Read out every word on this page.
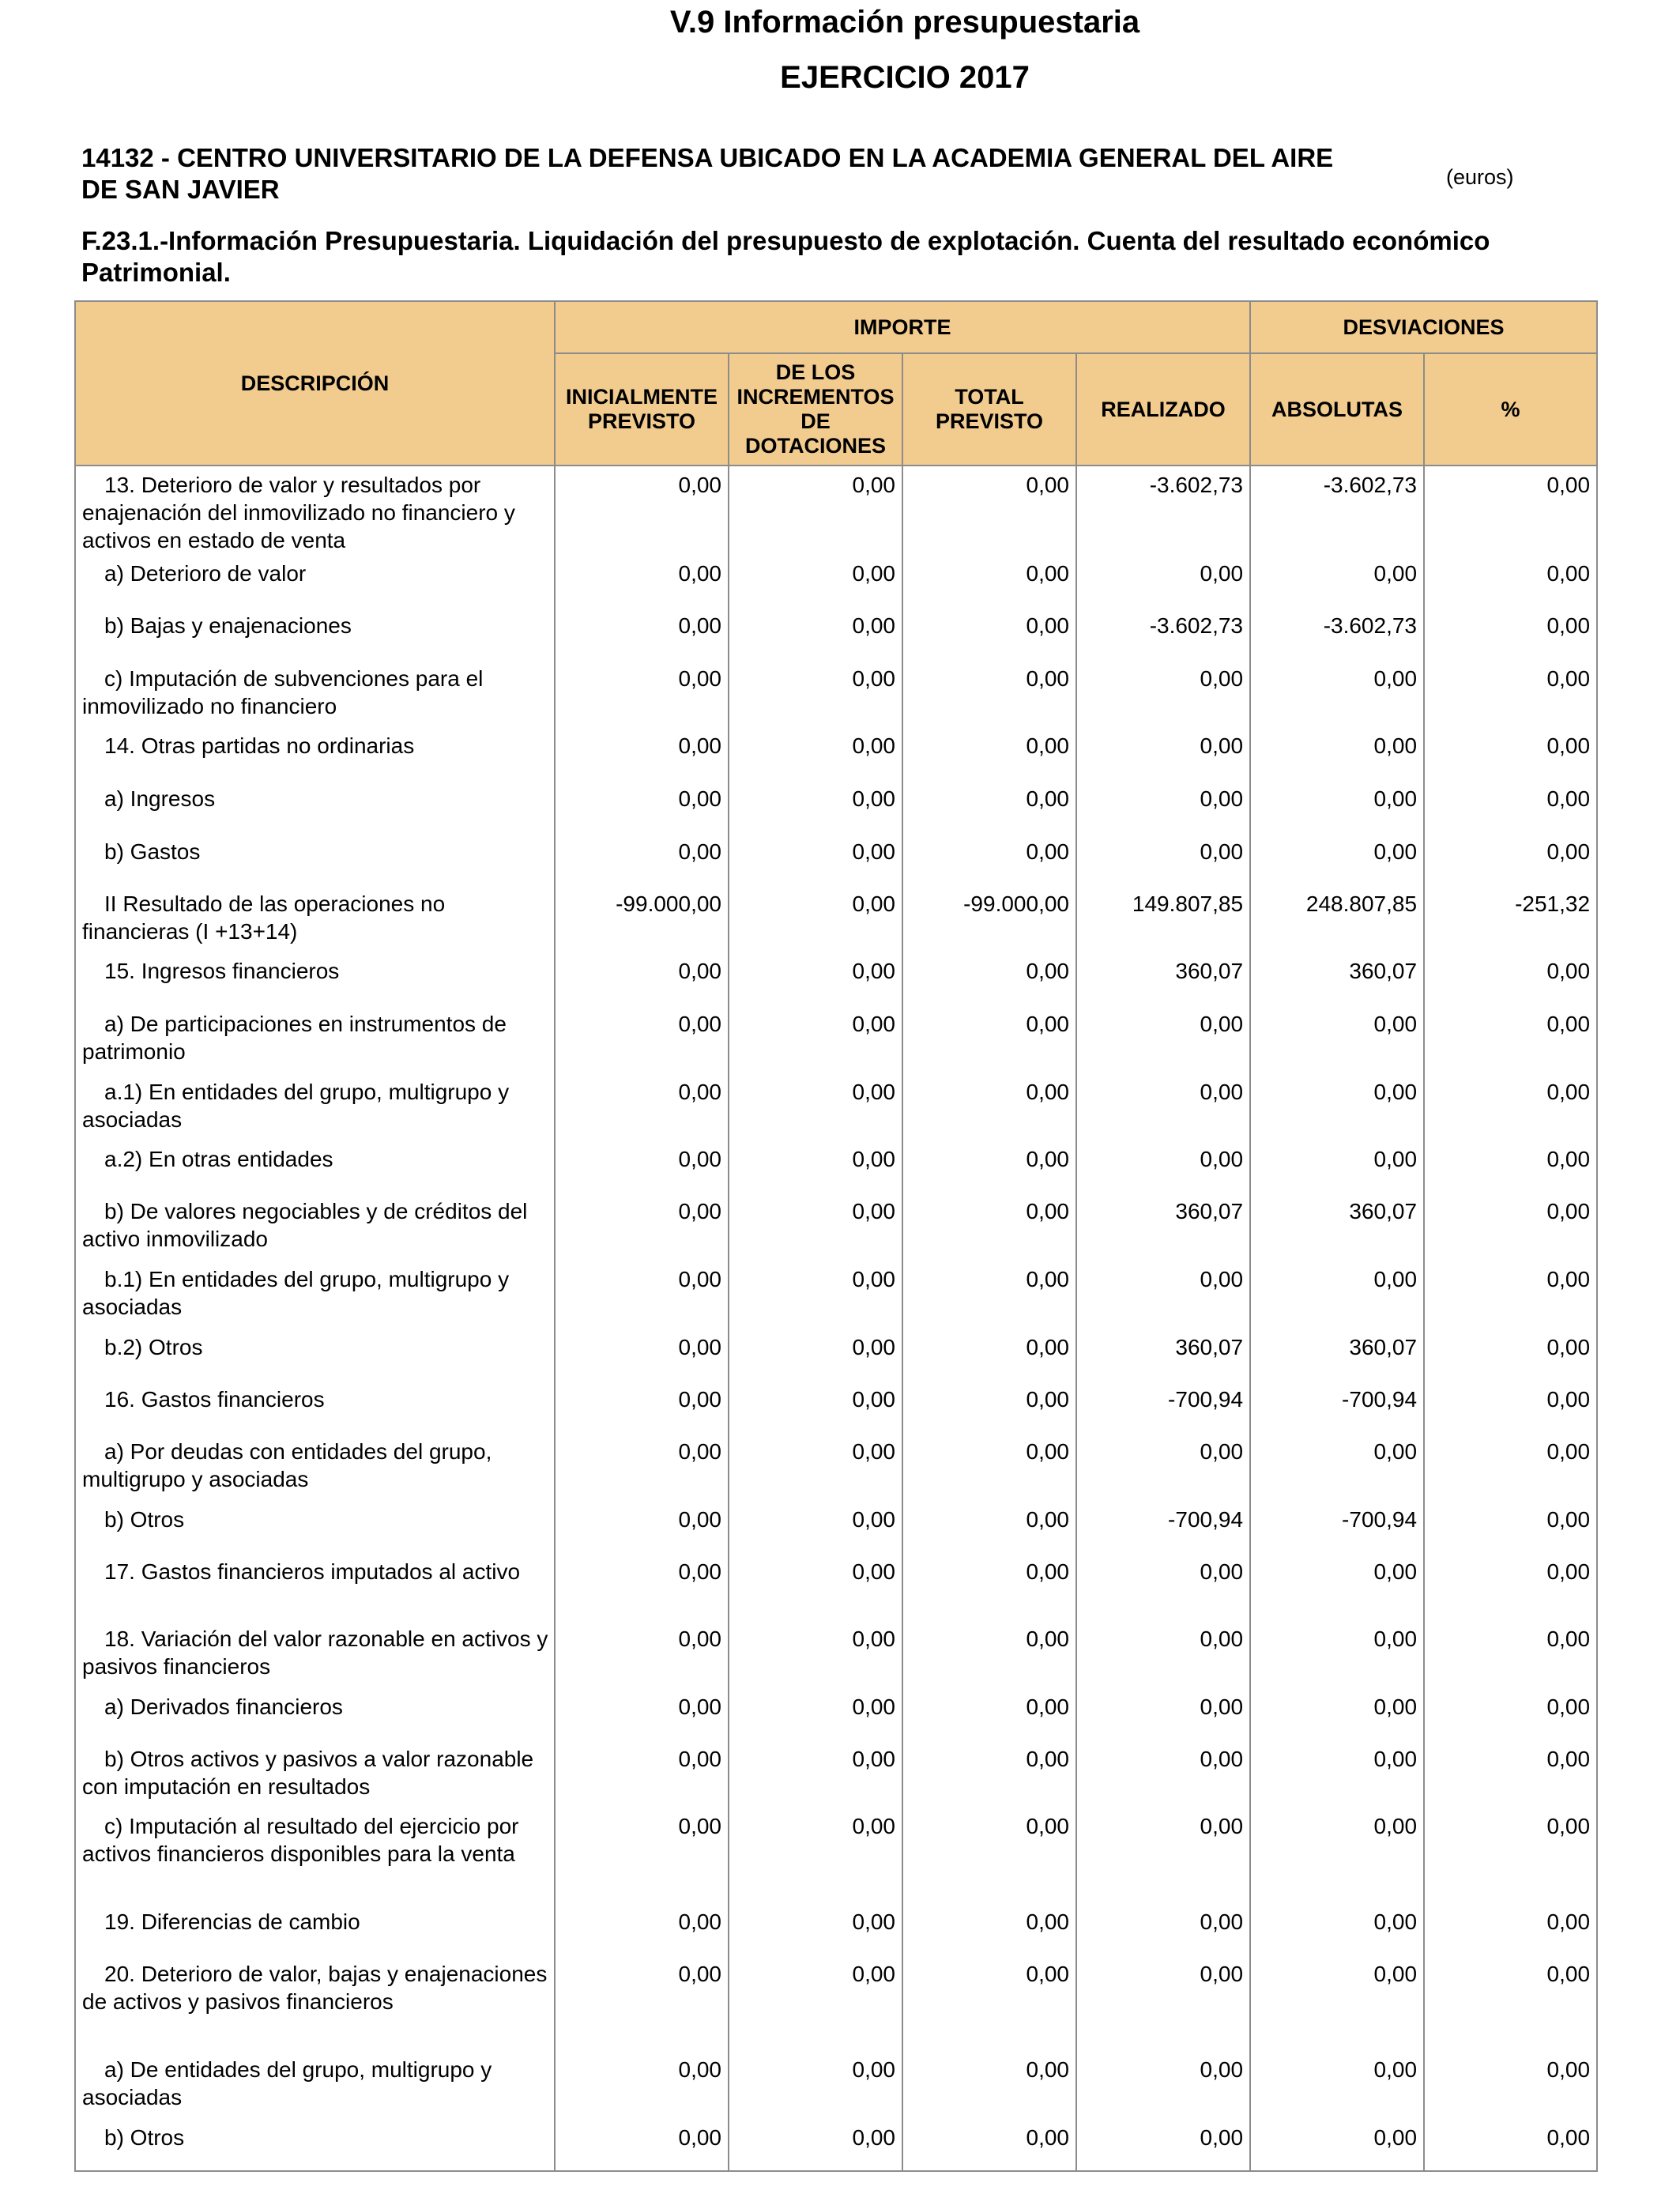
V.9 Información presupuestaria
EJERCICIO 2017
14132 - CENTRO UNIVERSITARIO DE LA DEFENSA UBICADO EN LA ACADEMIA GENERAL DEL AIRE DE SAN JAVIER	(euros)
F.23.1.-Información Presupuestaria. Liquidación del presupuesto de explotación. Cuenta del resultado económico Patrimonial.
DESCRIPCIÓN	IMPORTE				DESVIACIONES	
	INICIALMENTE PREVISTO	DE LOS INCREMENTOS DE DOTACIONES	TOTAL PREVISTO	REALIZADO	ABSOLUTAS	%
13. Deterioro de valor y resultados por enajenación del inmovilizado no financiero y activos en estado de venta	0,00	0,00	0,00	-3.602,73	-3.602,73	0,00
a) Deterioro de valor	0,00	0,00	0,00	0,00	0,00	0,00
b) Bajas y enajenaciones	0,00	0,00	0,00	-3.602,73	-3.602,73	0,00
c) Imputación de subvenciones para el inmovilizado no financiero	0,00	0,00	0,00	0,00	0,00	0,00
14. Otras partidas no ordinarias	0,00	0,00	0,00	0,00	0,00	0,00
a) Ingresos	0,00	0,00	0,00	0,00	0,00	0,00
b) Gastos	0,00	0,00	0,00	0,00	0,00	0,00
II Resultado de las operaciones no financieras (I +13+14)	-99.000,00	0,00	-99.000,00	149.807,85	248.807,85	-251,32
15. Ingresos financieros	0,00	0,00	0,00	360,07	360,07	0,00
a) De participaciones en instrumentos de patrimonio	0,00	0,00	0,00	0,00	0,00	0,00
a.1) En entidades del grupo, multigrupo y asociadas	0,00	0,00	0,00	0,00	0,00	0,00
a.2) En otras entidades	0,00	0,00	0,00	0,00	0,00	0,00
b) De valores negociables y de créditos del activo inmovilizado	0,00	0,00	0,00	360,07	360,07	0,00
b.1) En entidades del grupo, multigrupo y asociadas	0,00	0,00	0,00	0,00	0,00	0,00
b.2) Otros	0,00	0,00	0,00	360,07	360,07	0,00
16. Gastos financieros	0,00	0,00	0,00	-700,94	-700,94	0,00
a) Por deudas con entidades del grupo, multigrupo y asociadas	0,00	0,00	0,00	0,00	0,00	0,00
b) Otros	0,00	0,00	0,00	-700,94	-700,94	0,00
17. Gastos financieros imputados al activo	0,00	0,00	0,00	0,00	0,00	0,00
18. Variación del valor razonable en activos y pasivos financieros	0,00	0,00	0,00	0,00	0,00	0,00
a) Derivados financieros	0,00	0,00	0,00	0,00	0,00	0,00
b) Otros activos y pasivos a valor razonable con imputación en resultados	0,00	0,00	0,00	0,00	0,00	0,00
c) Imputación al resultado del ejercicio por activos financieros disponibles para la venta	0,00	0,00	0,00	0,00	0,00	0,00
19. Diferencias de cambio	0,00	0,00	0,00	0,00	0,00	0,00
20. Deterioro de valor, bajas y enajenaciones de activos y pasivos financieros	0,00	0,00	0,00	0,00	0,00	0,00
a) De entidades del grupo, multigrupo y asociadas	0,00	0,00	0,00	0,00	0,00	0,00
b) Otros	0,00	0,00	0,00	0,00	0,00	0,00
